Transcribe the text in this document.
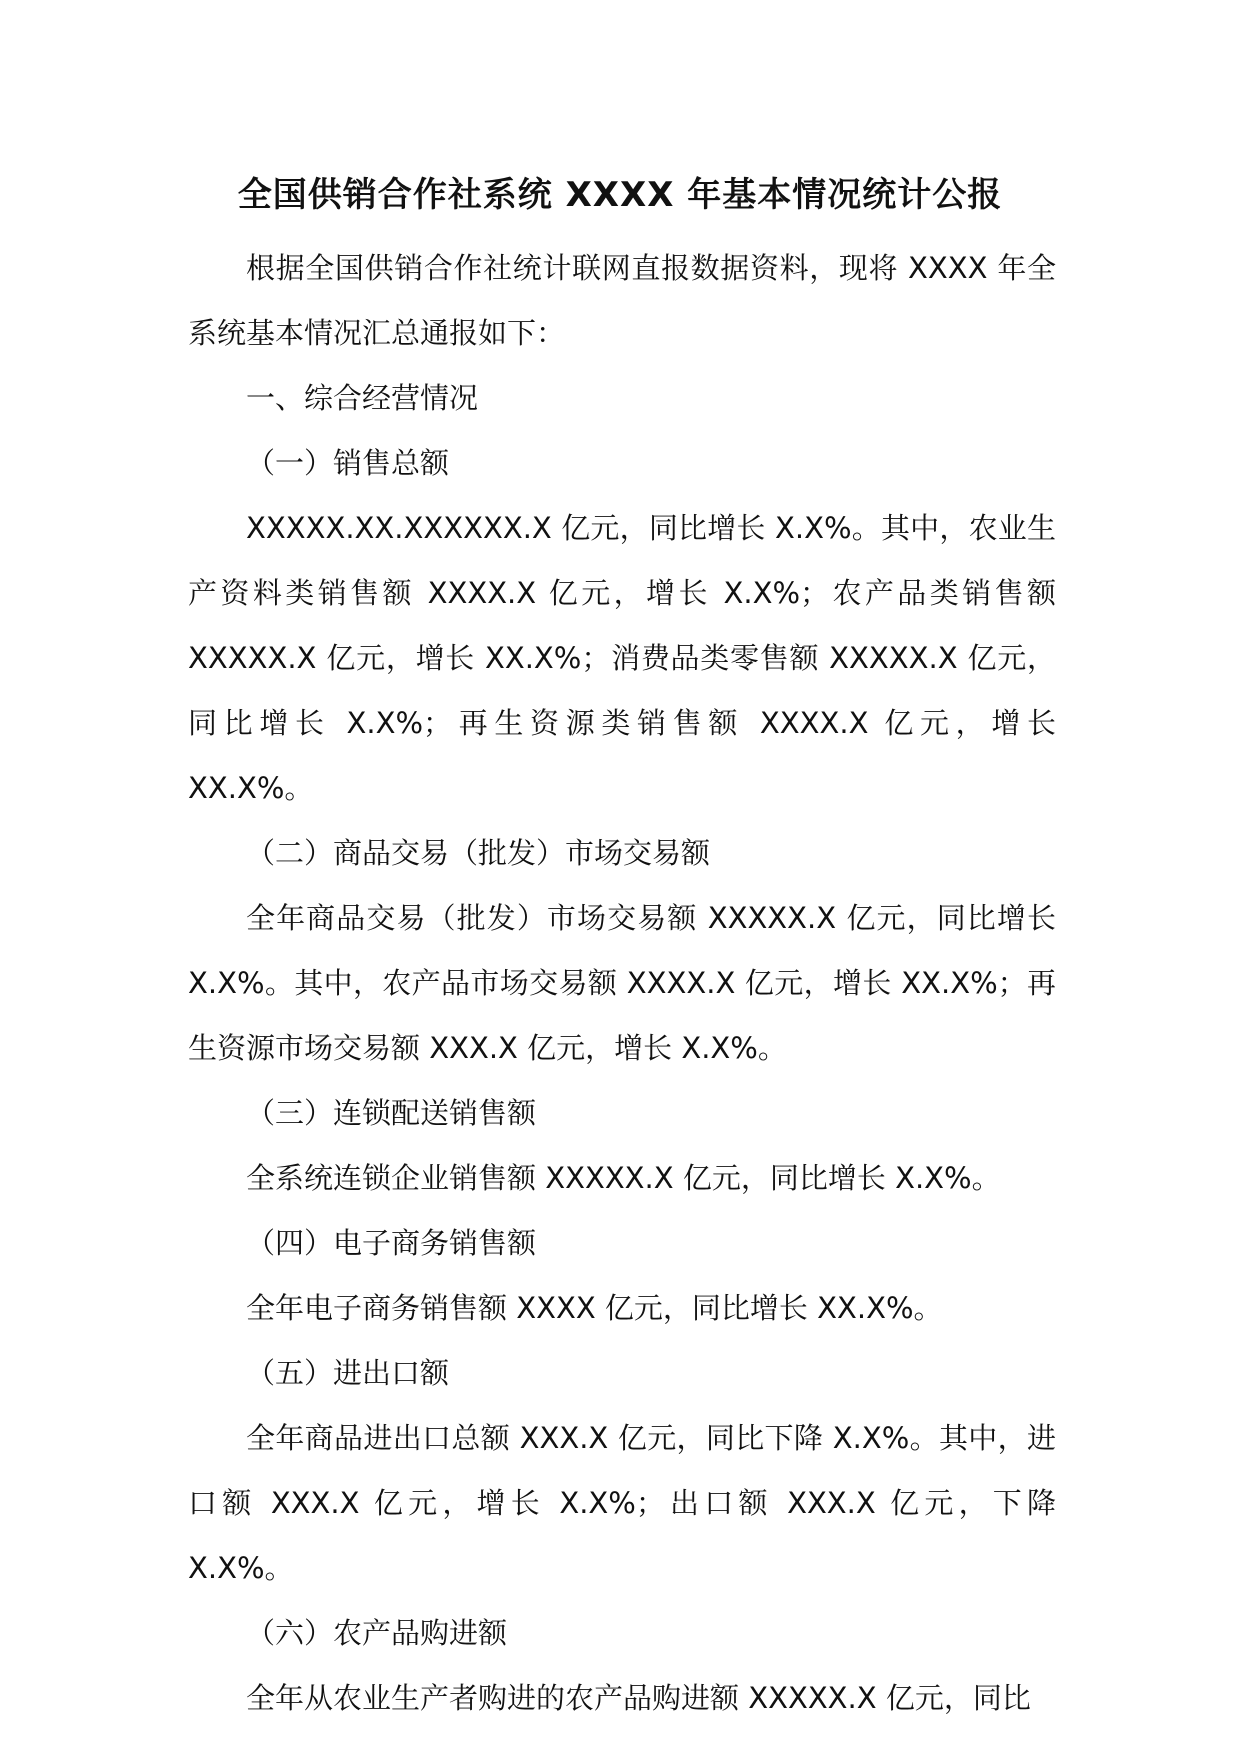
全国供销合作社系统 XXXX 年基本情况统计公报

根据全国供销合作社统计联网直报数据资料，现将 XXXX 年全系统基本情况汇总通报如下：

一、综合经营情况

（一）销售总额

XXXXX.XX.XXXXXX.X 亿元，同比增长 X.X%。其中，农业生产资料类销售额 XXXX.X 亿元，增长 X.X%；农产品类销售额 XXXXX.X 亿元，增长 XX.X%；消费品类零售额 XXXXX.X 亿元，同比增长 X.X%；再生资源类销售额 XXXX.X 亿元，增长 XX.X%。

（二）商品交易（批发）市场交易额

全年商品交易（批发）市场交易额 XXXXX.X 亿元，同比增长 X.X%。其中，农产品市场交易额 XXXX.X 亿元，增长 XX.X%；再生资源市场交易额 XXX.X 亿元，增长 X.X%。

（三）连锁配送销售额

全系统连锁企业销售额 XXXXX.X 亿元，同比增长 X.X%。

（四）电子商务销售额

全年电子商务销售额 XXXX 亿元，同比增长 XX.X%。

（五）进出口额

全年商品进出口总额 XXX.X 亿元，同比下降 X.X%。其中，进口额 XXX.X 亿元，增长 X.X%；出口额 XXX.X 亿元，下降 X.X%。

（六）农产品购进额

全年从农业生产者购进的农产品购进额 XXXXX.X 亿元，同比
